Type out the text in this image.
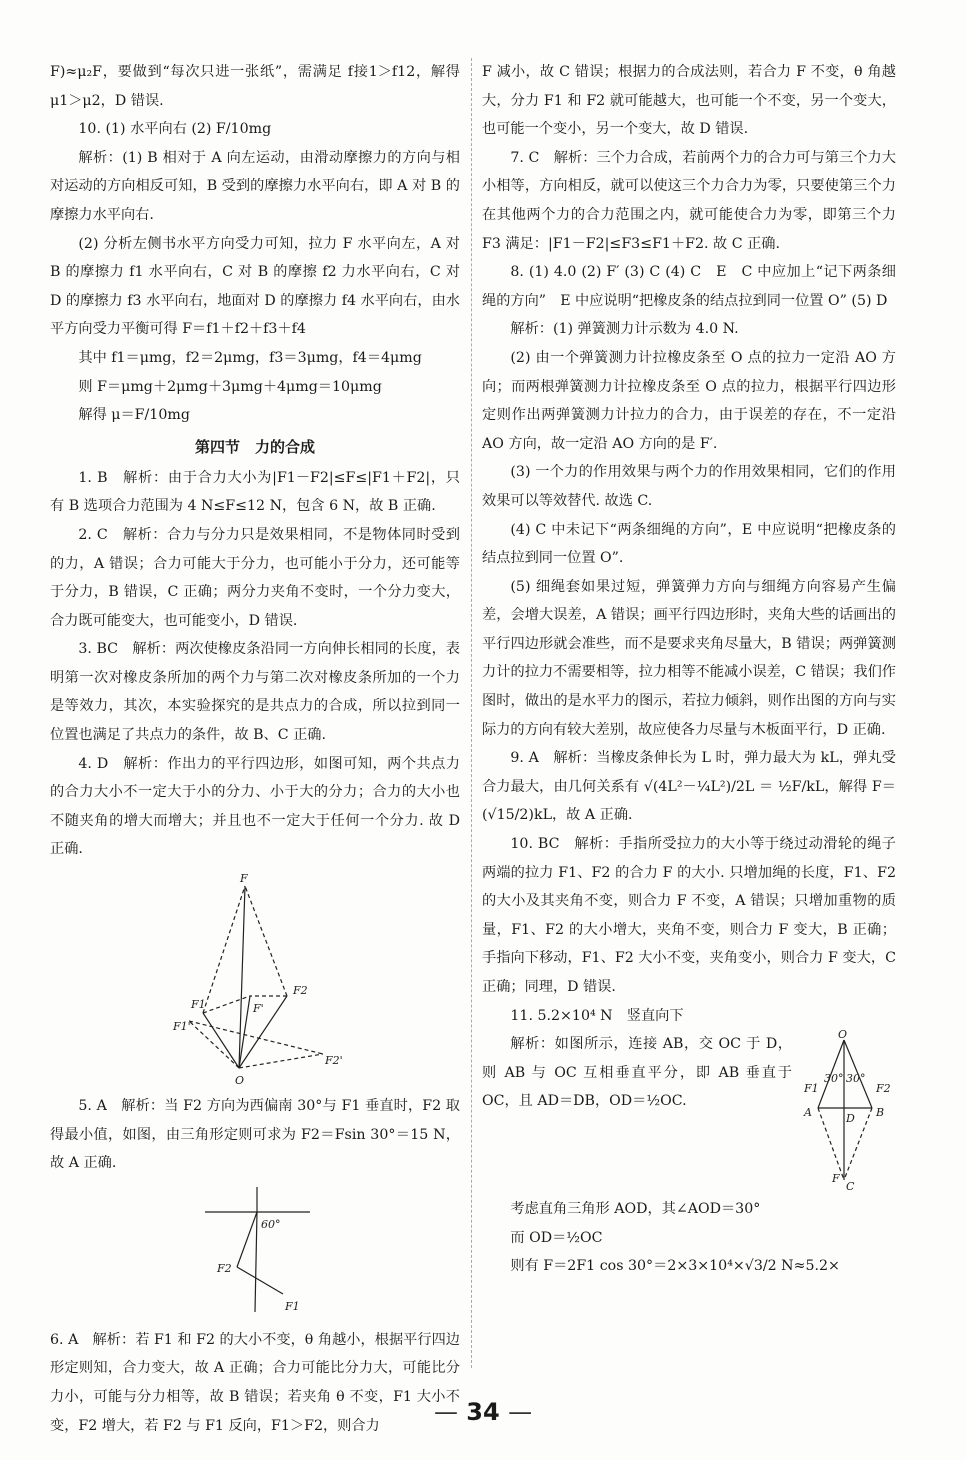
F)≈μ₂F，要做到“每次只进一张纸”，需满足 f接1＞f12，解得 μ1＞μ2，D 错误.

10. (1) 水平向右 (2) F/10mg

解析：(1) B 相对于 A 向左运动，由滑动摩擦力的方向与相对运动的方向相反可知，B 受到的摩擦力水平向右，即 A 对 B 的摩擦力水平向右.

(2) 分析左侧书水平方向受力可知，拉力 F 水平向左，A 对 B 的摩擦力 f1 水平向右，C 对 B 的摩擦 f2 力水平向右，C 对 D 的摩擦力 f3 水平向右，地面对 D 的摩擦力 f4 水平向右，由水平方向受力平衡可得 F＝f1＋f2＋f3＋f4

其中 f1＝μmg，f2＝2μmg，f3＝3μmg，f4＝4μmg

则 F＝μmg＋2μmg＋3μmg＋4μmg＝10μmg

解得 μ＝F/10mg

第四节　力的合成

1. B　解析：由于合力大小为|F1－F2|≤F≤|F1＋F2|，只有 B 选项合力范围为 4 N≤F≤12 N，包含 6 N，故 B 正确.

2. C　解析：合力与分力只是效果相同，不是物体同时受到的力，A 错误；合力可能大于分力，也可能小于分力，还可能等于分力，B 错误，C 正确；两分力夹角不变时，一个分力变大，合力既可能变大，也可能变小，D 错误.

3. BC　解析：两次使橡皮条沿同一方向伸长相同的长度，表明第一次对橡皮条所加的两个力与第二次对橡皮条所加的一个力是等效力，其次，本实验探究的是共点力的合成，所以拉到同一位置也满足了共点力的条件，故 B、C 正确.

4. D　解析：作出力的平行四边形，如图可知，两个共点力的合力大小不一定大于小的分力、小于大的分力；合力的大小也不随夹角的增大而增大；并且也不一定大于任何一个分力. 故 D 正确.

F
F1
F1'
F'
F2
F2'
O

5. A　解析：当 F2 方向为西偏南 30°与 F1 垂直时，F2 取得最小值，如图，由三角形定则可求为 F2＝Fsin 30°＝15 N，故 A 正确.

F2
60°
F1

6. A　解析：若 F1 和 F2 的大小不变，θ 角越小，根据平行四边形定则知，合力变大，故 A 正确；合力可能比分力大，可能比分力小，可能与分力相等，故 B 错误；若夹角 θ 不变，F1 大小不变，F2 增大，若 F2 与 F1 反向，F1＞F2，则合力

F 减小，故 C 错误；根据力的合成法则，若合力 F 不变，θ 角越大，分力 F1 和 F2 就可能越大，也可能一个不变，另一个变大，也可能一个变小，另一个变大，故 D 错误.

7. C　解析：三个力合成，若前两个力的合力可与第三个力大小相等，方向相反，就可以使这三个力合力为零，只要使第三个力在其他两个力的合力范围之内，就可能使合力为零，即第三个力 F3 满足：|F1－F2|≤F3≤F1＋F2. 故 C 正确.

8. (1) 4.0 (2) F′ (3) C (4) C　E　C 中应加上“记下两条细绳的方向”　E 中应说明“把橡皮条的结点拉到同一位置 O” (5) D

解析：(1) 弹簧测力计示数为 4.0 N.

(2) 由一个弹簧测力计拉橡皮条至 O 点的拉力一定沿 AO 方向；而两根弹簧测力计拉橡皮条至 O 点的拉力，根据平行四边形定则作出两弹簧测力计拉力的合力，由于误差的存在，不一定沿 AO 方向，故一定沿 AO 方向的是 F′.

(3) 一个力的作用效果与两个力的作用效果相同，它们的作用效果可以等效替代. 故选 C.

(4) C 中未记下“两条细绳的方向”，E 中应说明“把橡皮条的结点拉到同一位置 O”.

(5) 细绳套如果过短，弹簧弹力方向与细绳方向容易产生偏差，会增大误差，A 错误；画平行四边形时，夹角大些的话画出的平行四边形就会准些，而不是要求夹角尽量大，B 错误；两弹簧测力计的拉力不需要相等，拉力相等不能减小误差，C 错误；我们作图时，做出的是水平力的图示，若拉力倾斜，则作出图的方向与实际力的方向有较大差别，故应使各力尽量与木板面平行，D 正确.

9. A　解析：当橡皮条伸长为 L 时，弹力最大为 kL，弹丸受合力最大，由几何关系有 √(4L²－¼L²)/2L ＝ ½F/kL，解得 F＝(√15/2)kL，故 A 正确.

10. BC　解析：手指所受拉力的大小等于绕过动滑轮的绳子两端的拉力 F1、F2 的合力 F 的大小. 只增加绳的长度，F1、F2 的大小及其夹角不变，则合力 F 不变，A 错误；只增加重物的质量，F1、F2 的大小增大，夹角不变，则合力 F 变大，B 正确；手指向下移动，F1、F2 大小不变，夹角变小，则合力 F 变大，C 正确；同理，D 错误.

11. 5.2×10⁴ N　竖直向下

解析：如图所示，连接 AB，交 OC 于 D，则 AB 与 OC 互相垂直平分，即 AB 垂直于 OC，且 AD＝DB，OD＝½OC.

O
F1	F2
A	B
D
30° 30°
F
C

考虑直角三角形 AOD，其∠AOD＝30°

而 OD＝½OC

则有 F＝2F1 cos 30°＝2×3×10⁴×√3/2 N≈5.2×

— 34 —
